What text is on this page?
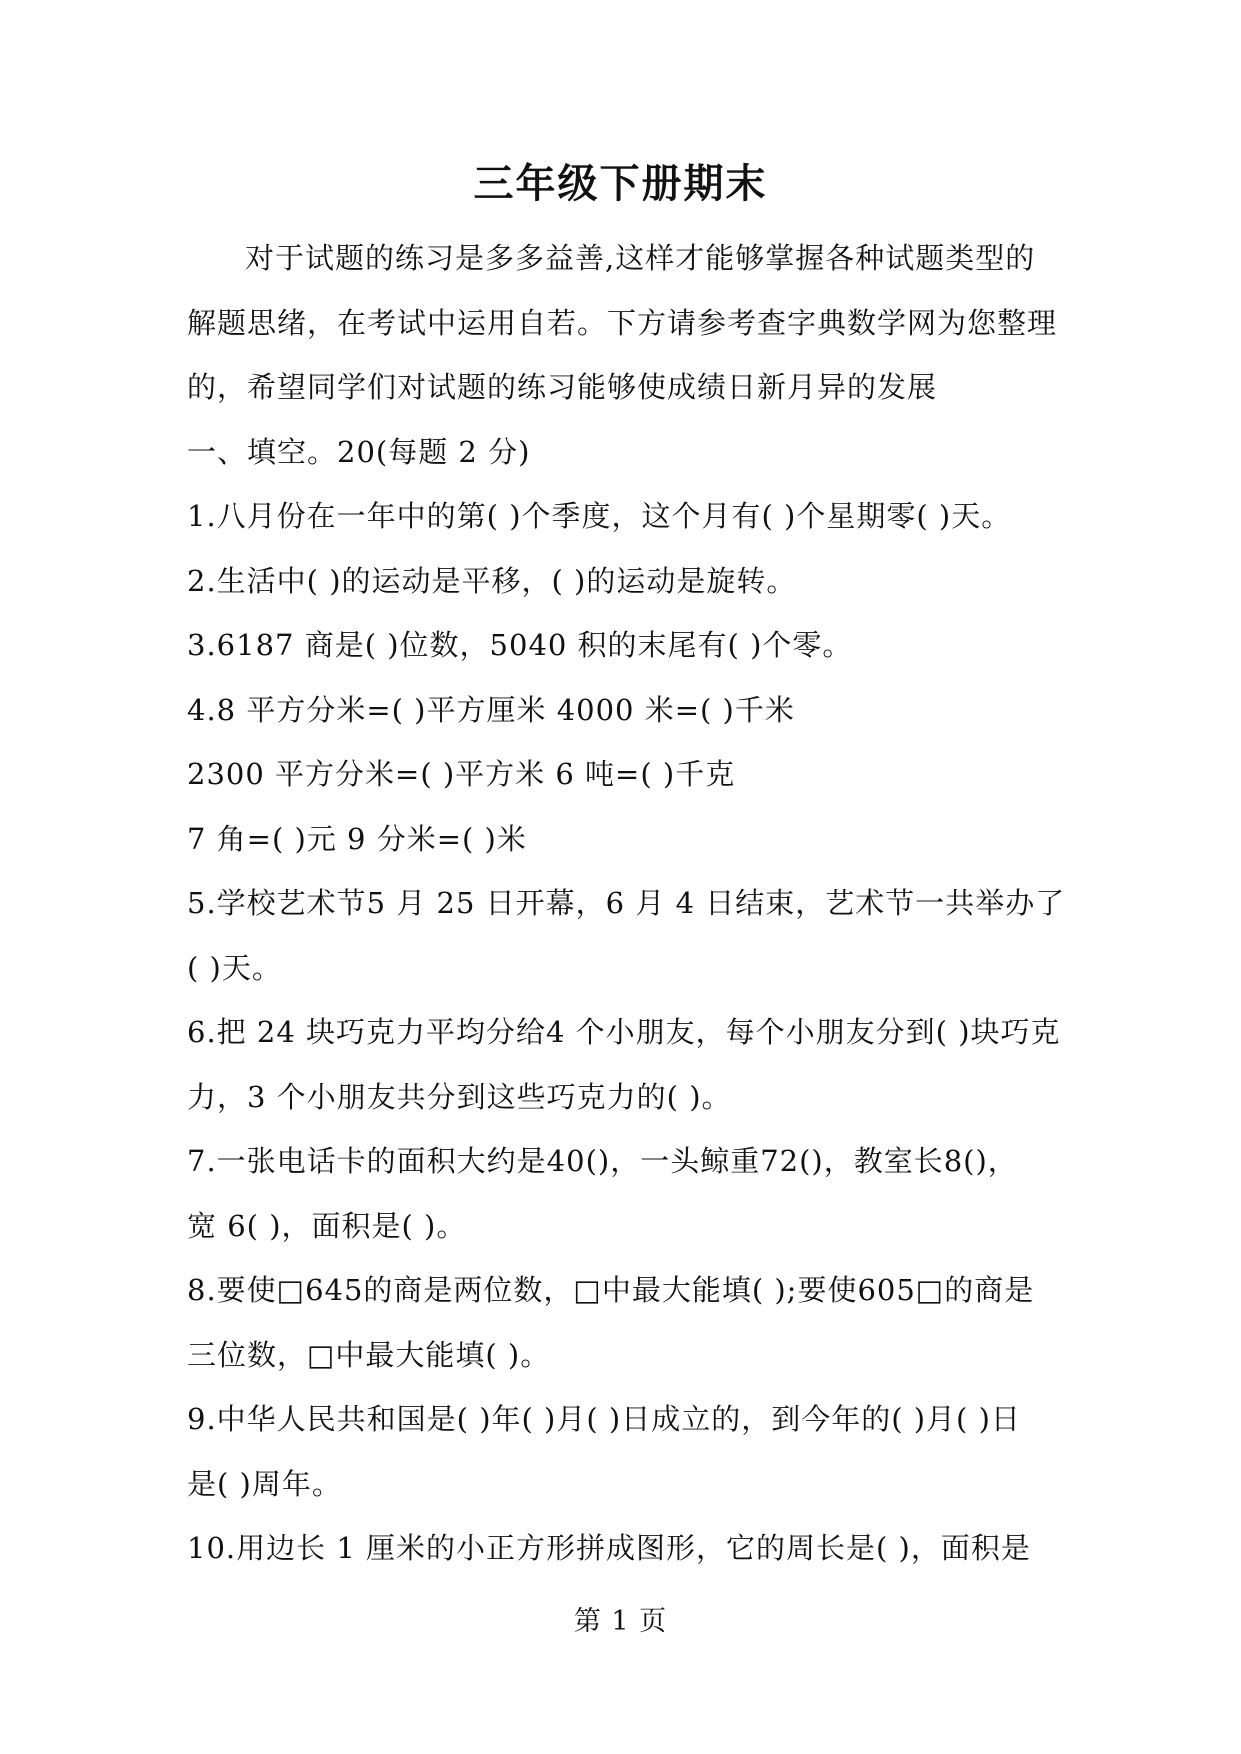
三年级下册期末
对于试题的练习是多多益善,这样才能够掌握各种试题类型的
解题思绪，在考试中运用自若。下方请参考查字典数学网为您整理
的，希望同学们对试题的练习能够使成绩日新月异的发展
一、填空。20(每题 2 分)
1.八月份在一年中的第( )个季度，这个月有( )个星期零( )天。
2.生活中( )的运动是平移，( )的运动是旋转。
3.6187 商是( )位数，5040 积的末尾有( )个零。
4.8 平方分米=( )平方厘米 4000 米=( )千米
2300 平方分米=( )平方米 6 吨=( )千克
7 角=( )元 9 分米=( )米
5.学校艺术节5 月 25 日开幕，6 月 4 日结束，艺术节一共举办了
( )天。
6.把 24 块巧克力平均分给4 个小朋友，每个小朋友分到( )块巧克
力，3 个小朋友共分到这些巧克力的( )。
7.一张电话卡的面积大约是40()，一头鲸重72()，教室长8()，
宽 6( )，面积是( )。
8.要使□645的商是两位数，□中最大能填( );要使605□的商是
三位数，□中最大能填( )。
9.中华人民共和国是( )年( )月( )日成立的，到今年的( )月( )日
是( )周年。
10.用边长 1 厘米的小正方形拼成图形，它的周长是( )，面积是
第 1 页
